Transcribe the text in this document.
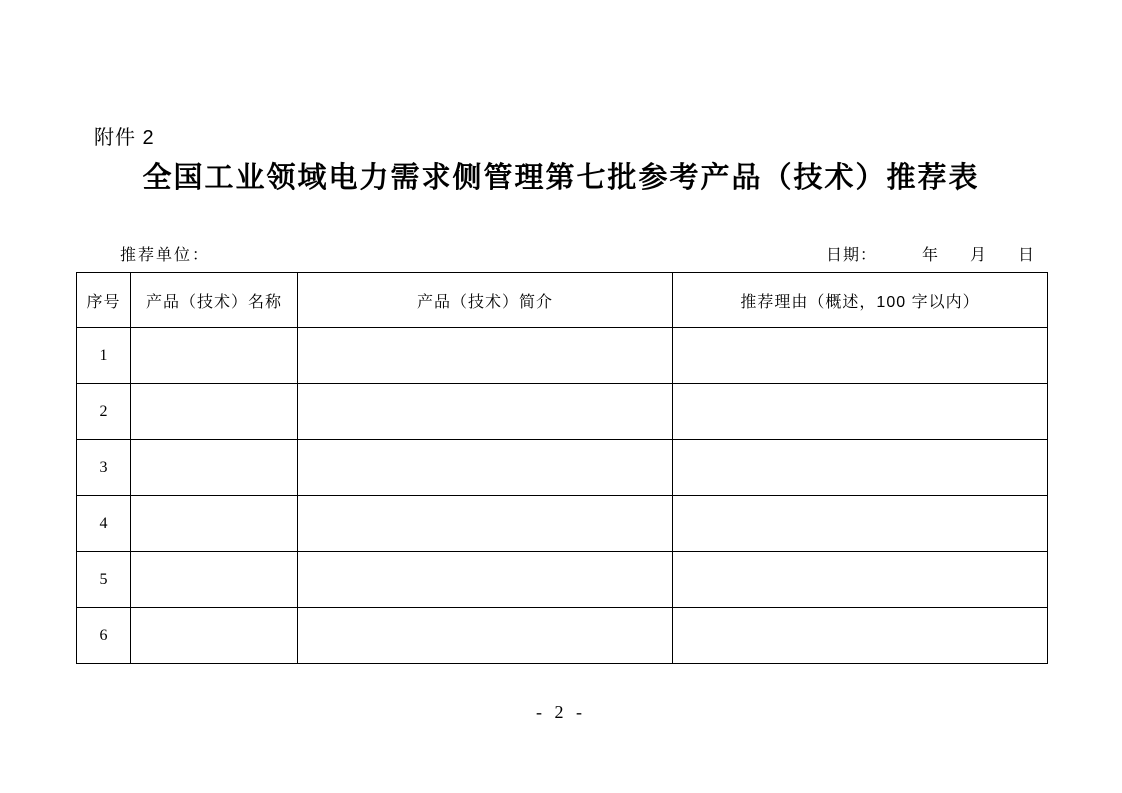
附件 2
全国工业领域电力需求侧管理第七批参考产品（技术）推荐表
推荐单位：	日期：	年 月 日
序号	产品（技术）名称	产品（技术）简介	推荐理由（概述，100 字以内）
1			
2			
3			
4			
5			
6			
- 2 -
